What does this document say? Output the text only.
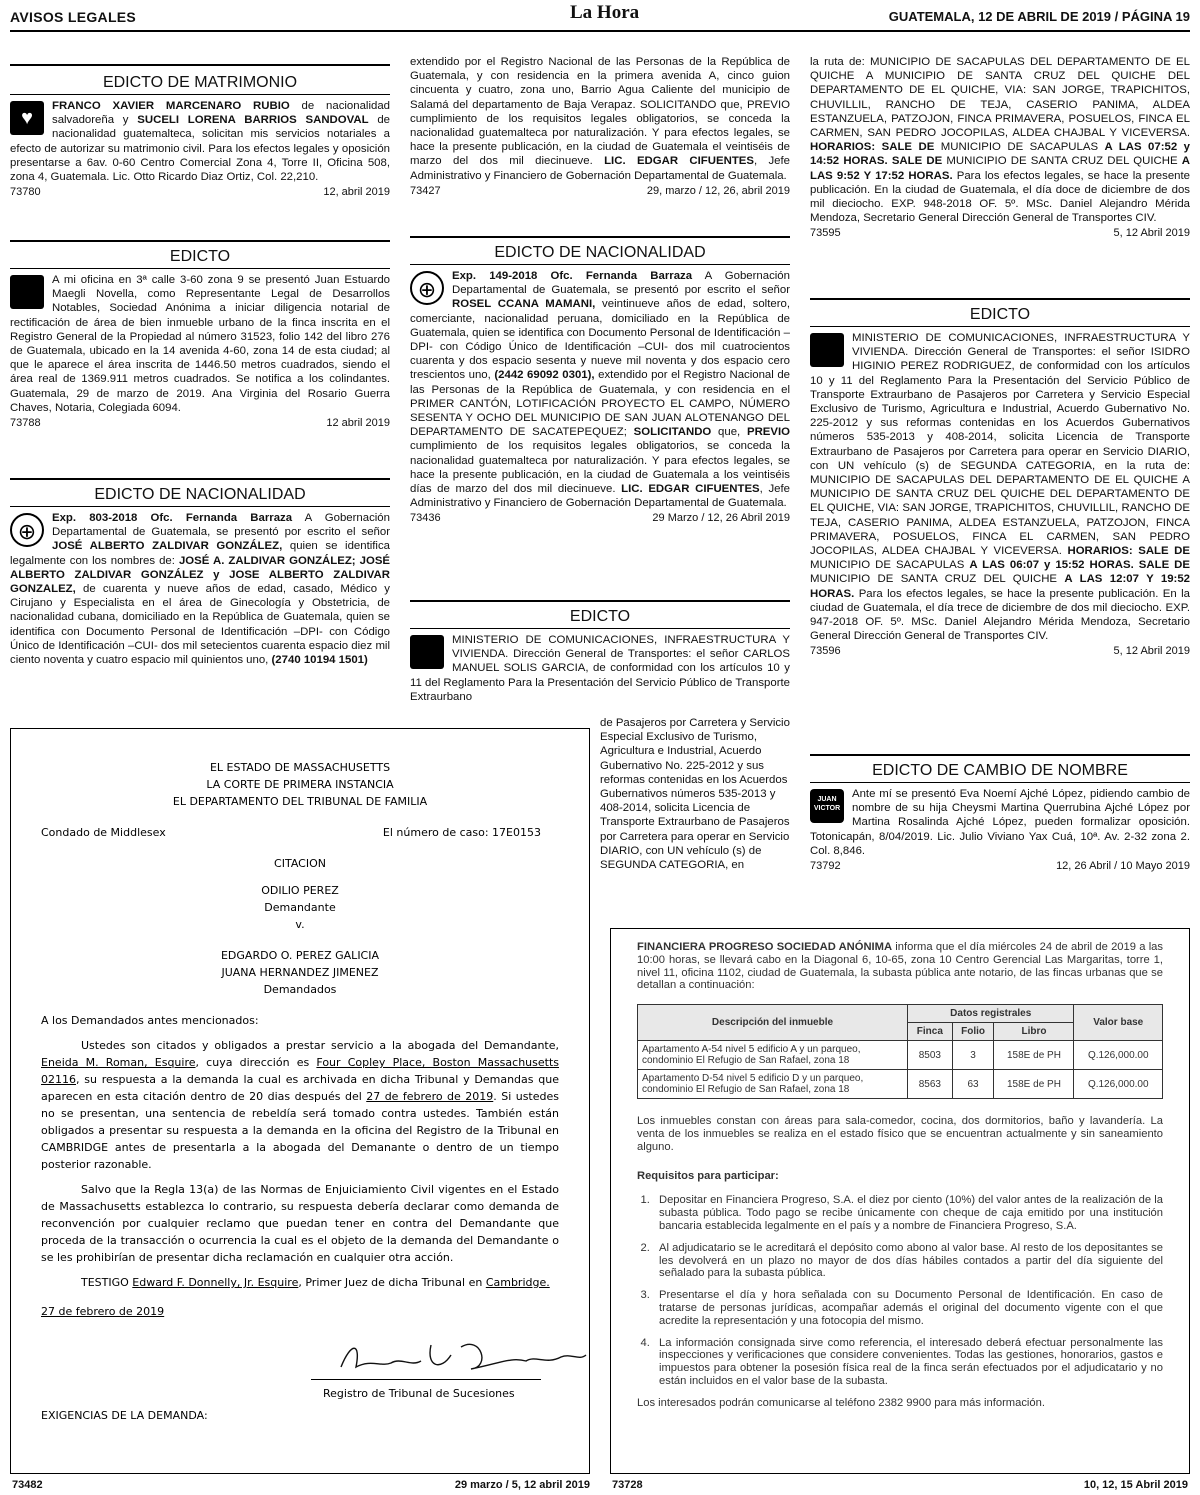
AVISOS LEGALES	La Hora	GUATEMALA, 12 DE ABRIL DE 2019 / PÁGINA 19
EDICTO DE MATRIMONIO
♥
FRANCO XAVIER MARCENARO RUBIO de nacionalidad salvadoreña y SUCELI LORENA BARRIOS SANDOVAL de nacionalidad guatemalteca, solicitan mis servicios notariales a efecto de autorizar su matrimonio civil. Para los efectos legales y oposición presentarse a 6av. 0-60 Centro Comercial Zona 4, Torre II, Oficina 508, zona 4, Guatemala. Lic. Otto Ricardo Diaz Ortiz, Col. 22,210.
73780	12, abril 2019
EDICTO
A mi oficina en 3ª calle 3-60 zona 9 se presentó Juan Estuardo Maegli Novella, como Representante Legal de Desarrollos Notables, Sociedad Anónima a iniciar diligencia notarial de rectificación de área de bien inmueble urbano de la finca inscrita en el Registro General de la Propiedad al número 31523, folio 142 del libro 276 de Guatemala, ubicado en la 14 avenida 4-60, zona 14 de esta ciudad; al que le aparece el área inscrita de 1446.50 metros cuadrados, siendo el área real de 1369.911 metros cuadrados. Se notifica a los colindantes. Guatemala, 29 de marzo de 2019. Ana Virginia del Rosario Guerra Chaves, Notaria, Colegiada 6094.
73788	12 abril 2019
EDICTO DE NACIONALIDAD
⊕
Exp. 803-2018 Ofc. Fernanda Barraza A Gobernación Departamental de Guatemala, se presentó por escrito el señor JOSÉ ALBERTO ZALDIVAR GONZÁLEZ, quien se identifica legalmente con los nombres de: JOSÉ A. ZALDIVAR GONZÁLEZ; JOSÉ ALBERTO ZALDIVAR GONZÁLEZ y JOSE ALBERTO ZALDIVAR GONZALEZ, de cuarenta y nueve años de edad, casado, Médico y Cirujano y Especialista en el área de Ginecología y Obstetricia, de nacionalidad cubana, domiciliado en la República de Guatemala, quien se identifica con Documento Personal de Identificación –DPI- con Código Único de Identificación –CUI- dos mil setecientos cuarenta espacio diez mil ciento noventa y cuatro espacio mil quinientos uno, (2740 10194 1501)
extendido por el Registro Nacional de las Personas de la República de Guatemala, y con residencia en la primera avenida A, cinco guion cincuenta y cuatro, zona uno, Barrio Agua Caliente del municipio de Salamá del departamento de Baja Verapaz. SOLICITANDO que, PREVIO cumplimiento de los requisitos legales obligatorios, se conceda la nacionalidad guatemalteca por naturalización. Y para efectos legales, se hace la presente publicación, en la ciudad de Guatemala el veintiséis de marzo del dos mil diecinueve. LIC. EDGAR CIFUENTES, Jefe Administrativo y Financiero de Gobernación Departamental de Guatemala.
73427	29, marzo / 12, 26, abril 2019
EDICTO DE NACIONALIDAD
⊕
Exp. 149-2018 Ofc. Fernanda Barraza A Gobernación Departamental de Guatemala, se presentó por escrito el señor ROSEL CCANA MAMANI, veintinueve años de edad, soltero, comerciante, nacionalidad peruana, domiciliado en la República de Guatemala, quien se identifica con Documento Personal de Identificación –DPI- con Código Único de Identificación –CUI- dos mil cuatrocientos cuarenta y dos espacio sesenta y nueve mil noventa y dos espacio cero trescientos uno, (2442 69092 0301), extendido por el Registro Nacional de las Personas de la República de Guatemala, y con residencia en el PRIMER CANTÓN, LOTIFICACIÓN PROYECTO EL CAMPO, NÚMERO SESENTA Y OCHO DEL MUNICIPIO DE SAN JUAN ALOTENANGO DEL DEPARTAMENTO DE SACATEPEQUEZ; SOLICITANDO que, PREVIO cumplimiento de los requisitos legales obligatorios, se conceda la nacionalidad guatemalteca por naturalización. Y para efectos legales, se hace la presente publicación, en la ciudad de Guatemala a los veintiséis días de marzo del dos mil diecinueve. LIC. EDGAR CIFUENTES, Jefe Administrativo y Financiero de Gobernación Departamental de Guatemala.
73436	29 Marzo / 12, 26 Abril 2019
EDICTO
MINISTERIO DE COMUNICACIONES, INFRAESTRUCTURA Y VIVIENDA. Dirección General de Transportes: el señor CARLOS MANUEL SOLIS GARCIA, de conformidad con los artículos 10 y 11 del Reglamento Para la Presentación del Servicio Público de Transporte Extraurbano
de Pasajeros por Carretera y Servicio Especial Exclusivo de Turismo, Agricultura e Industrial, Acuerdo Gubernativo No. 225-2012 y sus reformas contenidas en los Acuerdos Gubernativos números 535-2013 y 408-2014, solicita Licencia de Transporte Extraurbano de Pasajeros por Carretera para operar en Servicio DIARIO, con UN vehículo (s) de SEGUNDA CATEGORIA, en
la ruta de: MUNICIPIO DE SACAPULAS DEL DEPARTAMENTO DE EL QUICHE A MUNICIPIO DE SANTA CRUZ DEL QUICHE DEL DEPARTAMENTO DE EL QUICHE, VIA: SAN JORGE, TRAPICHITOS, CHUVILLIL, RANCHO DE TEJA, CASERIO PANIMA, ALDEA ESTANZUELA, PATZOJON, FINCA PRIMAVERA, POSUELOS, FINCA EL CARMEN, SAN PEDRO JOCOPILAS, ALDEA CHAJBAL Y VICEVERSA. HORARIOS: SALE DE MUNICIPIO DE SACAPULAS A LAS 07:52 y 14:52 HORAS. SALE DE MUNICIPIO DE SANTA CRUZ DEL QUICHE A LAS 9:52 Y 17:52 HORAS. Para los efectos legales, se hace la presente publicación. En la ciudad de Guatemala, el día doce de diciembre de dos mil dieciocho. EXP. 948-2018 OF. 5º. MSc. Daniel Alejandro Mérida Mendoza, Secretario General Dirección General de Transportes CIV.
73595	5, 12 Abril 2019
EDICTO
MINISTERIO DE COMUNICACIONES, INFRAESTRUCTURA Y VIVIENDA. Dirección General de Transportes: el señor ISIDRO HIGINIO PEREZ RODRIGUEZ, de conformidad con los artículos 10 y 11 del Reglamento Para la Presentación del Servicio Público de Transporte Extraurbano de Pasajeros por Carretera y Servicio Especial Exclusivo de Turismo, Agricultura e Industrial, Acuerdo Gubernativo No. 225-2012 y sus reformas contenidas en los Acuerdos Gubernativos números 535-2013 y 408-2014, solicita Licencia de Transporte Extraurbano de Pasajeros por Carretera para operar en Servicio DIARIO, con UN vehículo (s) de SEGUNDA CATEGORIA, en la ruta de: MUNICIPIO DE SACAPULAS DEL DEPARTAMENTO DE EL QUICHE A MUNICIPIO DE SANTA CRUZ DEL QUICHE DEL DEPARTAMENTO DE EL QUICHE, VIA: SAN JORGE, TRAPICHITOS, CHUVILLIL, RANCHO DE TEJA, CASERIO PANIMA, ALDEA ESTANZUELA, PATZOJON, FINCA PRIMAVERA, POSUELOS, FINCA EL CARMEN, SAN PEDRO JOCOPILAS, ALDEA CHAJBAL Y VICEVERSA. HORARIOS: SALE DE MUNICIPIO DE SACAPULAS A LAS 06:07 y 15:52 HORAS. SALE DE MUNICIPIO DE SANTA CRUZ DEL QUICHE A LAS 12:07 Y 19:52 HORAS. Para los efectos legales, se hace la presente publicación. En la ciudad de Guatemala, el día trece de diciembre de dos mil dieciocho. EXP. 947-2018 OF. 5º. MSc. Daniel Alejandro Mérida Mendoza, Secretario General Dirección General de Transportes CIV.
73596	5, 12 Abril 2019
EDICTO DE CAMBIO DE NOMBRE
JUAN
VICTOR
Ante mí se presentó Eva Noemí Ajché López, pidiendo cambio de nombre de su hija Cheysmi Martina Querrubina Ajché López por Martina Rosalinda Ajché López, pueden formalizar oposición. Totonicapán, 8/04/2019. Lic. Julio Viviano Yax Cuá, 10ª. Av. 2-32 zona 2. Col. 8,846.
73792	12, 26 Abril / 10 Mayo 2019
EL ESTADO DE MASSACHUSETTS
LA CORTE DE PRIMERA INSTANCIA
EL DEPARTAMENTO DEL TRIBUNAL DE FAMILIA
Condado de Middlesex	El número de caso: 17E0153
CITACION
ODILIO PEREZ
Demandante
v.
EDGARDO O. PEREZ GALICIA
JUANA HERNANDEZ JIMENEZ
Demandados
A los Demandados antes mencionados:

Ustedes son citados y obligados a prestar servicio a la abogada del Demandante, Eneida M. Roman, Esquire, cuya dirección es Four Copley Place, Boston Massachusetts 02116, su respuesta a la demanda la cual es archivada en dicha Tribunal y Demandas que aparecen en esta citación dentro de 20 dias después del 27 de febrero de 2019. Si ustedes no se presentan, una sentencia de rebeldía será tomado contra ustedes. También están obligados a presentar su respuesta a la demanda en la oficina del Registro de la Tribunal en CAMBRIDGE antes de presentarla a la abogada del Demanante o dentro de un tiempo posterior razonable.

Salvo que la Regla 13(a) de las Normas de Enjuiciamiento Civil vigentes en el Estado de Massachusetts establezca lo contrario, su respuesta debería declarar como demanda de reconvención por cualquier reclamo que puedan tener en contra del Demandante que proceda de la transacción o ocurrencia la cual es el objeto de la demanda del Demandante o se les prohibirían de presentar dicha reclamación en cualquier otra acción.

TESTIGO Edward F. Donnelly, Jr. Esquire, Primer Juez de dicha Tribunal en Cambridge.

27 de febrero de 2019
Registro de Tribunal de Sucesiones
EXIGENCIAS DE LA DEMANDA:

FINANCIERA PROGRESO SOCIEDAD ANÓNIMA informa que el día miércoles 24 de abril de 2019 a las 10:00 horas, se llevará cabo en la Diagonal 6, 10-65, zona 10 Centro Gerencial Las Margaritas, torre 1, nivel 11, oficina 1102, ciudad de Guatemala, la subasta pública ante notario, de las fincas urbanas que se detallan a continuación:

Descripción del inmueble	Datos registrales			Valor base
	Finca	Folio	Libro	
Apartamento A-54 nivel 5 edificio A y un parqueo, condominio El Refugio de San Rafael, zona 18	8503	3	158E de PH	Q.126,000.00
Apartamento D-54 nivel 5 edificio D y un parqueo, condominio El Refugio de San Rafael, zona 18	8563	63	158E de PH	Q.126,000.00

Los inmuebles constan con áreas para sala-comedor, cocina, dos dormitorios, baño y lavandería. La venta de los inmuebles se realiza en el estado físico que se encuentran actualmente y sin saneamiento alguno.

Requisitos para participar:
1. Depositar en Financiera Progreso, S.A. el diez por ciento (10%) del valor antes de la realización de la subasta pública. Todo pago se recibe únicamente con cheque de caja emitido por una institución bancaria establecida legalmente en el país y a nombre de Financiera Progreso, S.A.
2. Al adjudicatario se le acreditará el depósito como abono al valor base. Al resto de los depositantes se les devolverá en un plazo no mayor de dos días hábiles contados a partir del día siguiente del señalado para la subasta pública.
3. Presentarse el día y hora señalada con su Documento Personal de Identificación. En caso de tratarse de personas jurídicas, acompañar además el original del documento vigente con el que acredite la representación y una fotocopia del mismo.
4. La información consignada sirve como referencia, el interesado deberá efectuar personalmente las inspecciones y verificaciones que considere convenientes. Todas las gestiones, honorarios, gastos e impuestos para obtener la posesión física real de la finca serán efectuados por el adjudicatario y no están incluidos en el valor base de la subasta.

Los interesados podrán comunicarse al teléfono 2382 9900 para más información.

73482	29 marzo / 5, 12 abril 2019 73728	10, 12, 15 Abril 2019
